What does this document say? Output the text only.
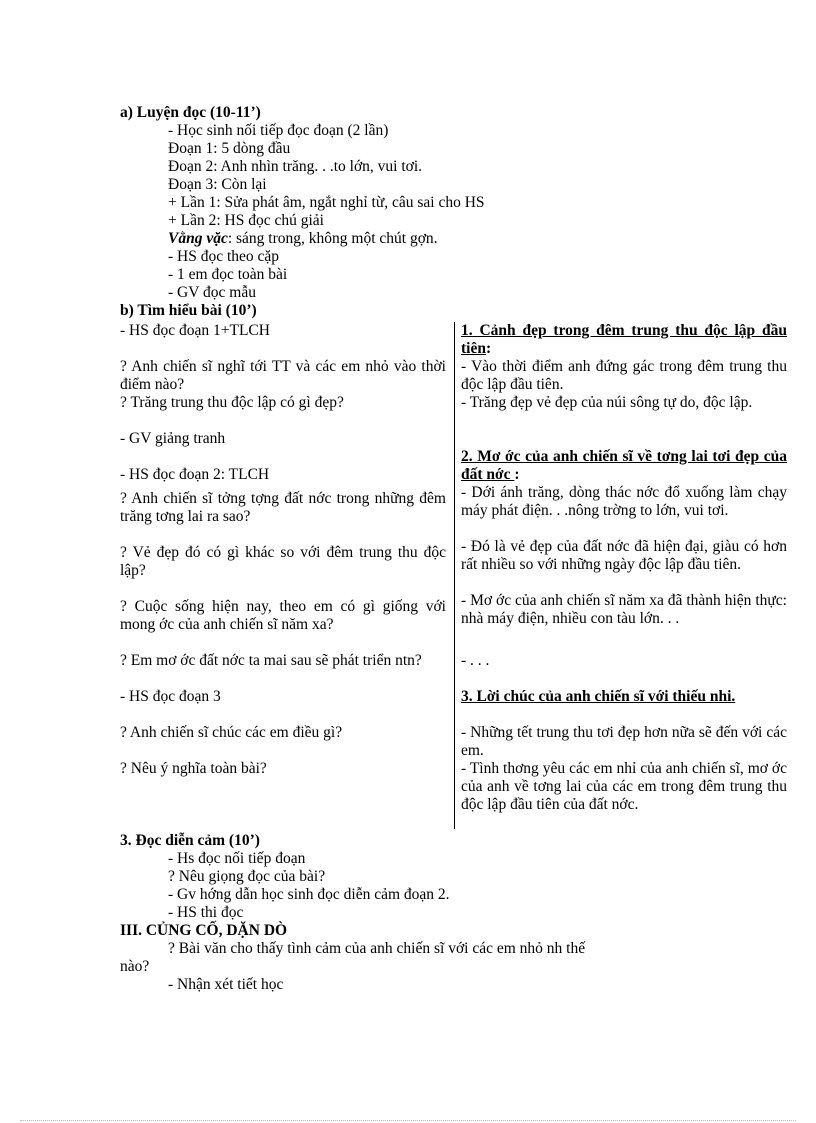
a) Luyện đọc (10-11’)
- Học sinh nối tiếp đọc đoạn (2 lần)
Đoạn 1: 5 dòng đầu
Đoạn 2: Anh nhìn trăng. . .to lớn, vui tơi.
Đoạn 3: Còn lại
+ Lần 1: Sửa phát âm, ngắt nghỉ từ, câu sai cho HS
+ Lần 2: HS đọc chú giải
Vằng vặc: sáng trong, không một chút gợn.
- HS đọc theo cặp
- 1 em đọc toàn bài
- GV đọc mẫu
b) Tìm hiểu bài (10’)
- HS đọc đoạn 1+TLCH
? Anh chiến sĩ nghĩ tới TT và các em nhỏ vào thời điểm nào?
? Trăng trung thu độc lập có gì đẹp?
- GV giảng tranh
- HS đọc đoạn 2: TLCH
? Anh chiến sĩ tởng tợng đất nớc trong những đêm trăng tơng lai ra sao?
? Vẻ đẹp đó có gì khác so với đêm trung thu độc lập?
? Cuộc sống hiện nay, theo em có gì giống với mong ớc của anh chiến sĩ năm xa?
? Em mơ ớc đất nớc ta mai sau sẽ phát triển ntn?
- HS đọc đoạn 3
? Anh chiến sĩ chúc các em điều gì?
? Nêu ý nghĩa toàn bài?
1. Cảnh đẹp trong đêm trung thu độc lập đầu tiên:
- Vào thời điểm anh đứng gác trong đêm trung thu độc lập đầu tiên.
- Trăng đẹp vẻ đẹp của núi sông tự do, độc lập.
2. Mơ ớc của anh chiến sĩ về tơng lai tơi đẹp của đất nớc :
- Dới ánh trăng, dòng thác nớc đổ xuống làm chạy máy phát điện. . .nông trờng to lớn, vui tơi.
- Đó là vẻ đẹp của đất nớc đã hiện đại, giàu có hơn rất nhiều so với những ngày độc lập đầu tiên.
- Mơ ớc của anh chiến sĩ năm xa đã thành hiện thực: nhà máy điện, nhiều con tàu lớn. . .
- . . .
3. Lời chúc của anh chiến sĩ với thiếu nhi.
- Những tết trung thu tơi đẹp hơn nữa sẽ đến với các em.
- Tình thơng yêu các em nhỉ của anh chiến sĩ, mơ ớc của anh về tơng lai của các em trong đêm trung thu độc lập đầu tiên của đất nớc.
3. Đọc diễn cảm (10’)
- Hs đọc nối tiếp đoạn
? Nêu giọng đọc của bài?
- Gv hớng dẫn học sinh đọc diễn cảm đoạn 2.
- HS thi đọc
III. CỦNG CỐ, DẶN DÒ
? Bài văn cho thấy tình cảm của anh chiến sĩ với các em nhỏ nh thế
nào?
- Nhận xét tiết học
